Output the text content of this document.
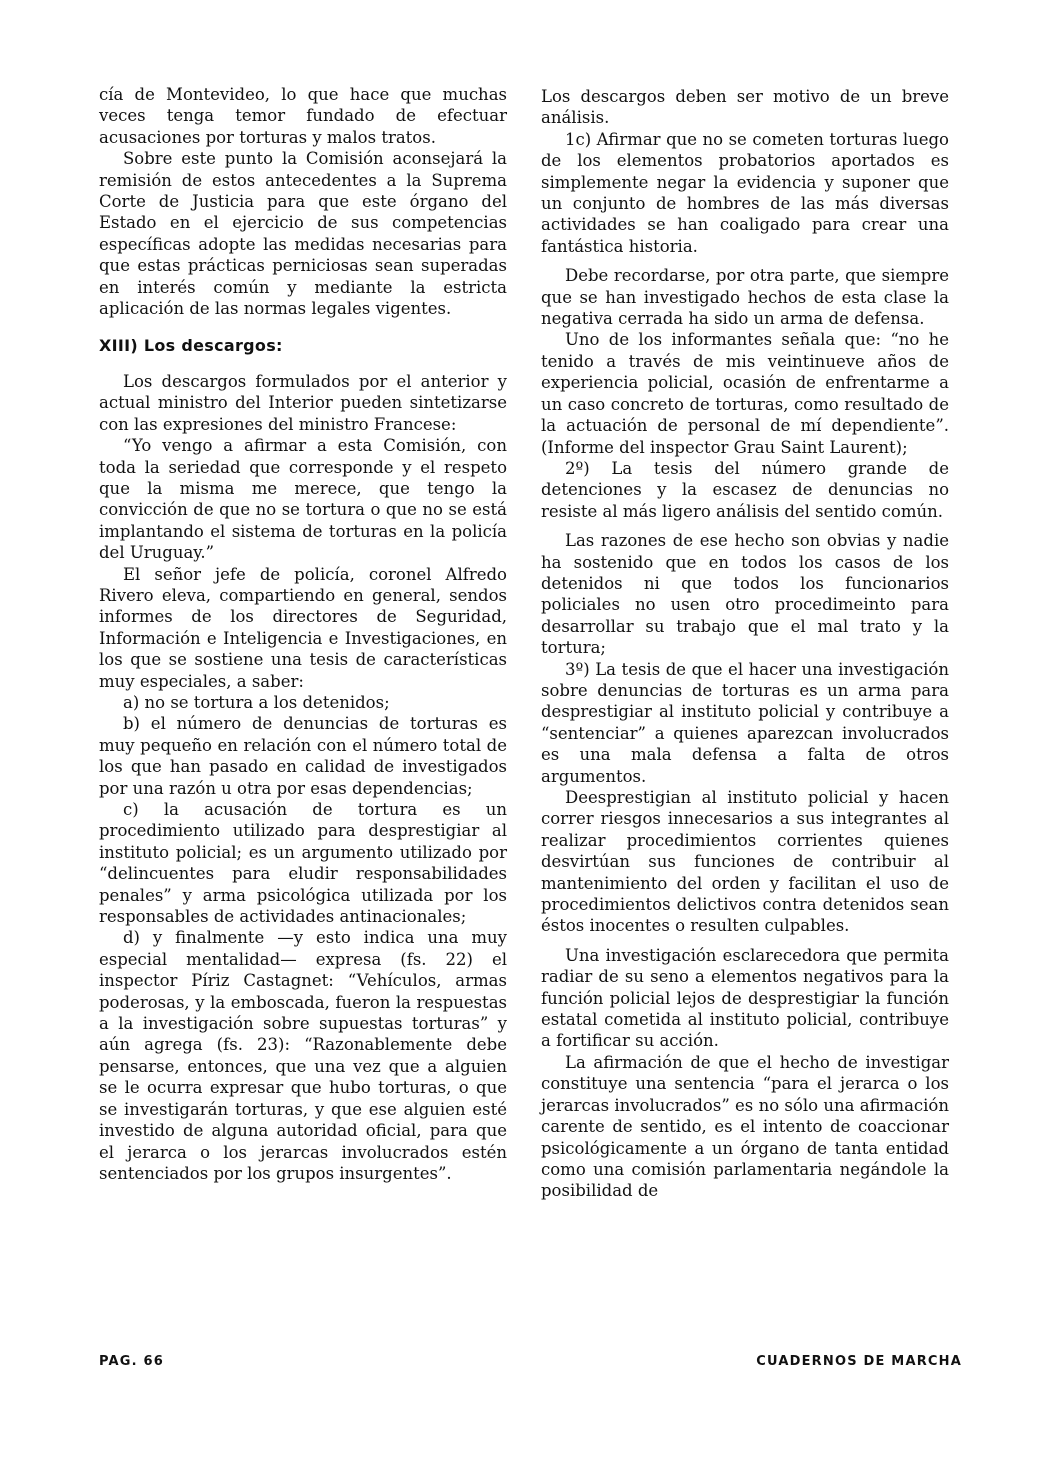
cía de Montevideo, lo que hace que muchas veces tenga temor fundado de efectuar acusaciones por torturas y malos tratos.

Sobre este punto la Comisión aconsejará la remisión de estos antecedentes a la Suprema Corte de Justicia para que este órgano del Estado en el ejercicio de sus competencias específicas adopte las medidas necesarias para que estas prácticas perniciosas sean superadas en interés común y mediante la estricta aplicación de las normas legales vigentes.

XIII) Los descargos:

Los descargos formulados por el anterior y actual ministro del Interior pueden sintetizarse con las expresiones del ministro Francese:

“Yo vengo a afirmar a esta Comisión, con toda la seriedad que corresponde y el respeto que la misma me merece, que tengo la convicción de que no se tortura o que no se está implantando el sistema de torturas en la policía del Uruguay.”

El señor jefe de policía, coronel Alfredo Rivero eleva, compartiendo en general, sendos informes de los directores de Seguridad, Información e Inteligencia e Investigaciones, en los que se sostiene una tesis de características muy especiales, a saber:

a) no se tortura a los detenidos;

b) el número de denuncias de torturas es muy pequeño en relación con el número total de los que han pasado en calidad de investigados por una razón u otra por esas dependencias;

c) la acusación de tortura es un procedimiento utilizado para desprestigiar al instituto policial; es un argumento utilizado por “delincuentes para eludir responsabilidades penales” y arma psicológica utilizada por los responsables de actividades antinacionales;

d) y finalmente —y esto indica una muy especial mentalidad— expresa (fs. 22) el inspector Píriz Castagnet: “Vehículos, armas poderosas, y la emboscada, fueron la respuestas a la investigación sobre supuestas torturas” y aún agrega (fs. 23): “Razonablemente debe pensarse, entonces, que una vez que a alguien se le ocurra expresar que hubo torturas, o que se investigarán torturas, y que ese alguien esté investido de alguna autoridad oficial, para que el jerarca o los jerarcas involucrados estén sentenciados por los grupos insurgentes”.

Los descargos deben ser motivo de un breve análisis.

1c) Afirmar que no se cometen torturas luego de los elementos probatorios aportados es simplemente negar la evidencia y suponer que un conjunto de hombres de las más diversas actividades se han coaligado para crear una fantástica historia.

Debe recordarse, por otra parte, que siempre que se han investigado hechos de esta clase la negativa cerrada ha sido un arma de defensa.

Uno de los informantes señala que: “no he tenido a través de mis veintinueve años de experiencia policial, ocasión de enfrentarme a un caso concreto de torturas, como resultado de la actuación de personal de mí dependiente”. (Informe del inspector Grau Saint Laurent);

2º) La tesis del número grande de detenciones y la escasez de denuncias no resiste al más ligero análisis del sentido común.

Las razones de ese hecho son obvias y nadie ha sostenido que en todos los casos de los detenidos ni que todos los funcionarios policiales no usen otro procedimeinto para desarrollar su trabajo que el mal trato y la tortura;

3º) La tesis de que el hacer una investigación sobre denuncias de torturas es un arma para desprestigiar al instituto policial y contribuye a “sentenciar” a quienes aparezcan involucrados es una mala defensa a falta de otros argumentos.

Deesprestigian al instituto policial y hacen correr riesgos innecesarios a sus integrantes al realizar procedimientos corrientes quienes desvirtúan sus funciones de contribuir al mantenimiento del orden y facilitan el uso de procedimientos delictivos contra detenidos sean éstos inocentes o resulten culpables.

Una investigación esclarecedora que permita radiar de su seno a elementos negativos para la función policial lejos de desprestigiar la función estatal cometida al instituto policial, contribuye a fortificar su acción.

La afirmación de que el hecho de investigar constituye una sentencia “para el jerarca o los jerarcas involucrados” es no sólo una afirmación carente de sentido, es el intento de coaccionar psicológicamente a un órgano de tanta entidad como una comisión parlamentaria negándole la posibilidad de

PAG. 66	CUADERNOS DE MARCHA
